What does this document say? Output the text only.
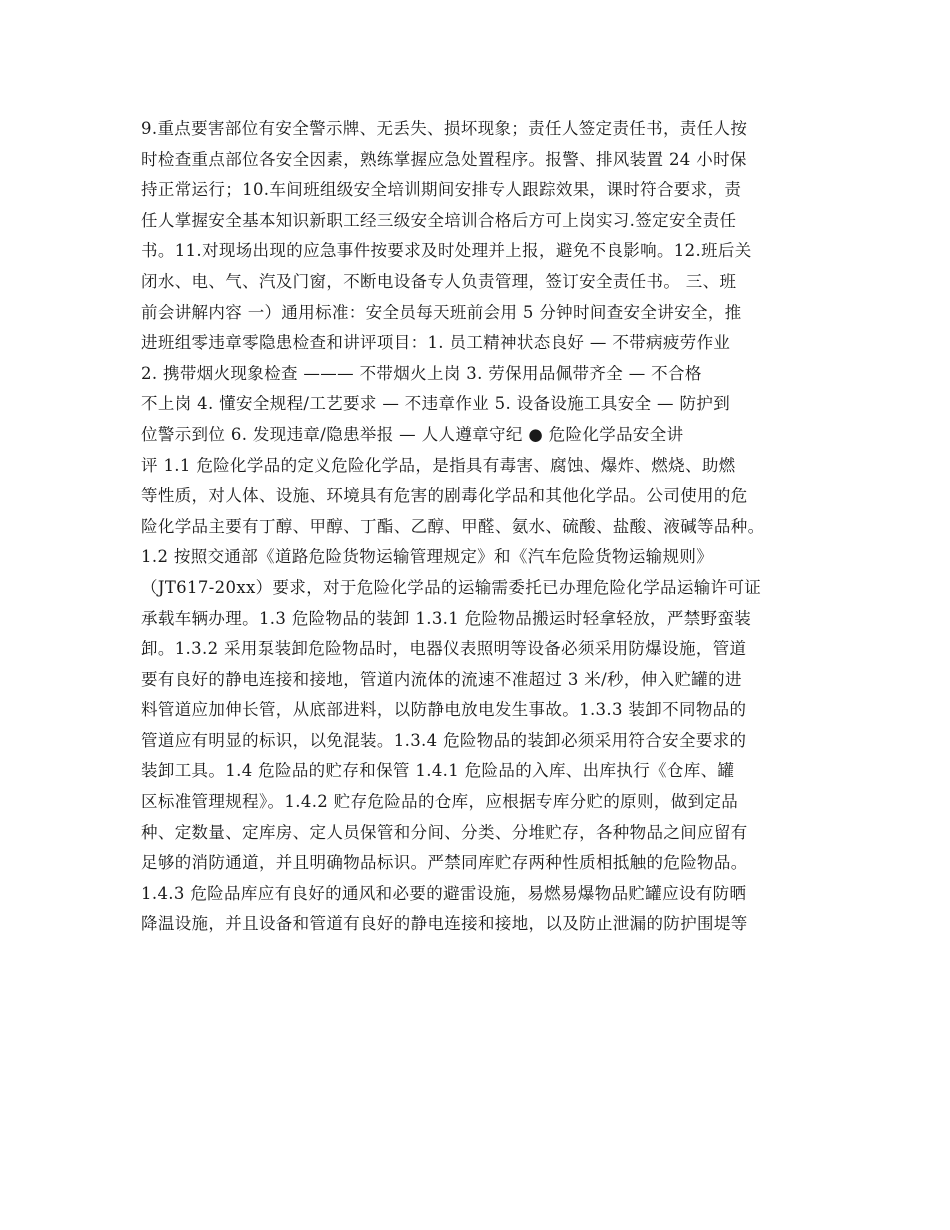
9.重点要害部位有安全警示牌、无丢失、损坏现象；责任人签定责任书，责任人按
时检查重点部位各安全因素，熟练掌握应急处置程序。报警、排风装置 24 小时保
持正常运行；10.车间班组级安全培训期间安排专人跟踪效果，课时符合要求，责
任人掌握安全基本知识新职工经三级安全培训合格后方可上岗实习.签定安全责任
书。11.对现场出现的应急事件按要求及时处理并上报，避免不良影响。12.班后关
闭水、电、气、汽及门窗，不断电设备专人负责管理，签订安全责任书。 三、班
前会讲解内容 一）通用标准：安全员每天班前会用 5 分钟时间查安全讲安全，推
进班组零违章零隐患检查和讲评项目：1. 员工精神状态良好 — 不带病疲劳作业
2. 携带烟火现象检查 ——— 不带烟火上岗 3. 劳保用品佩带齐全 — 不合格
不上岗 4. 懂安全规程/工艺要求 — 不违章作业 5. 设备设施工具安全 — 防护到
位警示到位 6. 发现违章/隐患举报 — 人人遵章守纪 ● 危险化学品安全讲
评 1.1 危险化学品的定义危险化学品，是指具有毒害、腐蚀、爆炸、燃烧、助燃
等性质，对人体、设施、环境具有危害的剧毒化学品和其他化学品。公司使用的危
险化学品主要有丁醇、甲醇、丁酯、乙醇、甲醛、氨水、硫酸、盐酸、液碱等品种。
1.2 按照交通部《道路危险货物运输管理规定》和《汽车危险货物运输规则》
（JT617-20xx）要求，对于危险化学品的运输需委托已办理危险化学品运输许可证
承载车辆办理。1.3 危险物品的装卸 1.3.1 危险物品搬运时轻拿轻放，严禁野蛮装
卸。1.3.2 采用泵装卸危险物品时，电器仪表照明等设备必须采用防爆设施，管道
要有良好的静电连接和接地，管道内流体的流速不准超过 3 米/秒，伸入贮罐的进
料管道应加伸长管，从底部进料，以防静电放电发生事故。1.3.3 装卸不同物品的
管道应有明显的标识，以免混装。1.3.4 危险物品的装卸必须采用符合安全要求的
装卸工具。1.4 危险品的贮存和保管 1.4.1 危险品的入库、出库执行《仓库、罐
区标准管理规程》。1.4.2 贮存危险品的仓库，应根据专库分贮的原则，做到定品
种、定数量、定库房、定人员保管和分间、分类、分堆贮存，各种物品之间应留有
足够的消防通道，并且明确物品标识。严禁同库贮存两种性质相抵触的危险物品。
1.4.3 危险品库应有良好的通风和必要的避雷设施，易燃易爆物品贮罐应设有防晒
降温设施，并且设备和管道有良好的静电连接和接地，以及防止泄漏的防护围堤等
